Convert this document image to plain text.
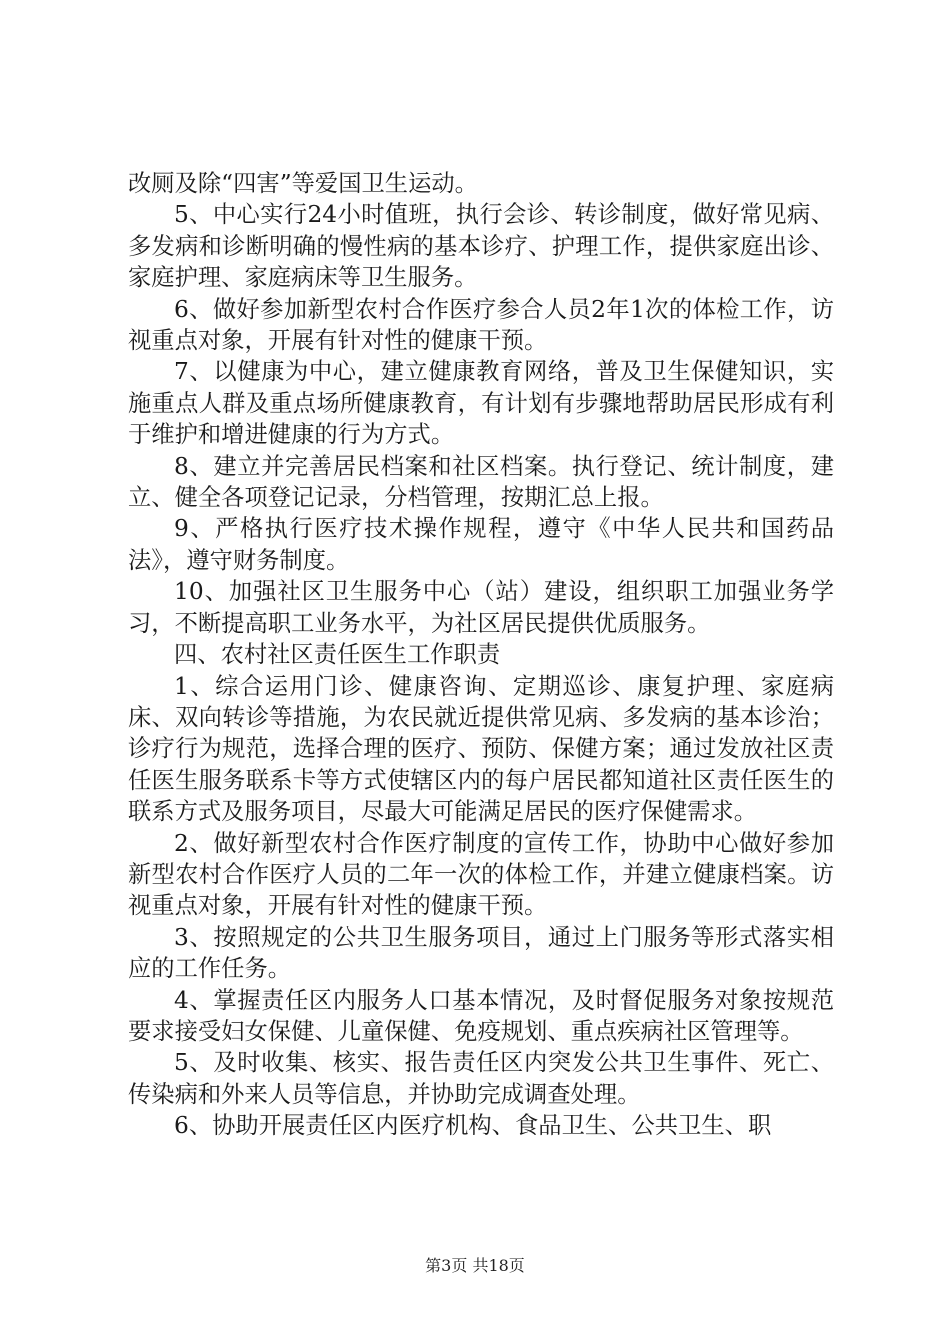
改厕及除“四害”等爱国卫生运动。

5、中心实行24小时值班，执行会诊、转诊制度，做好常见病、多发病和诊断明确的慢性病的基本诊疗、护理工作，提供家庭出诊、家庭护理、家庭病床等卫生服务。

6、做好参加新型农村合作医疗参合人员2年1次的体检工作，访视重点对象，开展有针对性的健康干预。

7、以健康为中心，建立健康教育网络，普及卫生保健知识，实施重点人群及重点场所健康教育，有计划有步骤地帮助居民形成有利于维护和增进健康的行为方式。

8、建立并完善居民档案和社区档案。执行登记、统计制度，建立、健全各项登记记录，分档管理，按期汇总上报。

9、严格执行医疗技术操作规程，遵守《中华人民共和国药品法》，遵守财务制度。

10、加强社区卫生服务中心（站）建设，组织职工加强业务学习，不断提高职工业务水平，为社区居民提供优质服务。

四、农村社区责任医生工作职责

1、综合运用门诊、健康咨询、定期巡诊、康复护理、家庭病床、双向转诊等措施，为农民就近提供常见病、多发病的基本诊治；诊疗行为规范，选择合理的医疗、预防、保健方案；通过发放社区责任医生服务联系卡等方式使辖区内的每户居民都知道社区责任医生的联系方式及服务项目，尽最大可能满足居民的医疗保健需求。

2、做好新型农村合作医疗制度的宣传工作，协助中心做好参加新型农村合作医疗人员的二年一次的体检工作，并建立健康档案。访视重点对象，开展有针对性的健康干预。

3、按照规定的公共卫生服务项目，通过上门服务等形式落实相应的工作任务。

4、掌握责任区内服务人口基本情况，及时督促服务对象按规范要求接受妇女保健、儿童保健、免疫规划、重点疾病社区管理等。

5、及时收集、核实、报告责任区内突发公共卫生事件、死亡、传染病和外来人员等信息，并协助完成调查处理。

6、协助开展责任区内医疗机构、食品卫生、公共卫生、职

第3页 共18页
